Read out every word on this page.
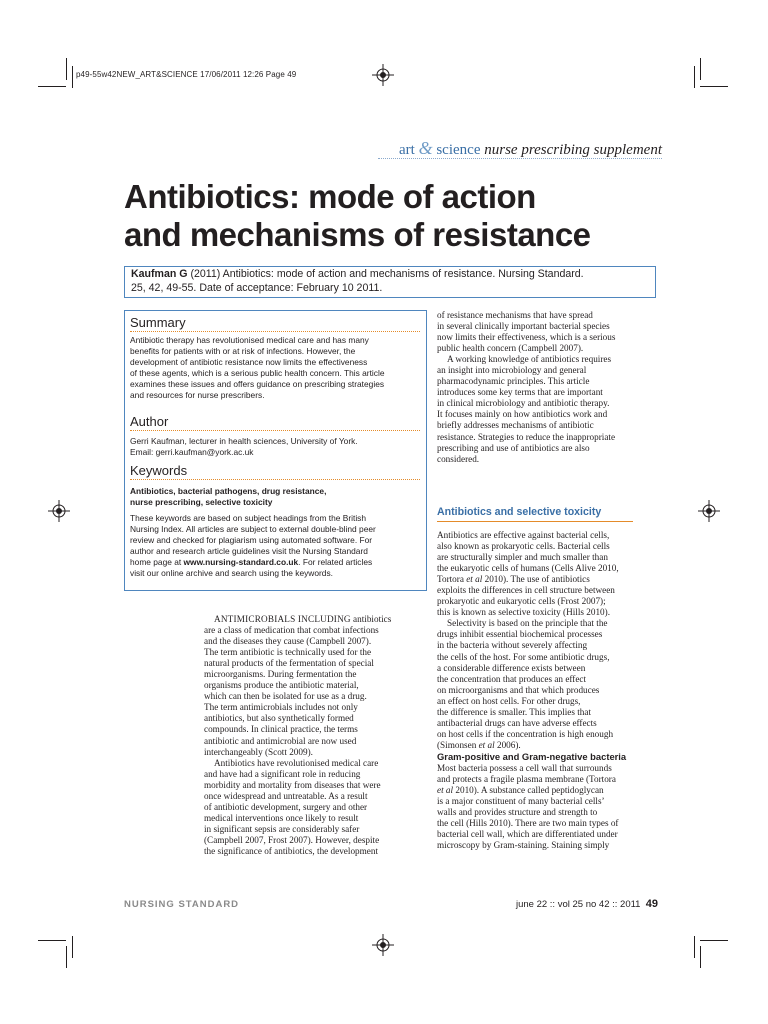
p49-55w42NEW_ART&SCIENCE 17/06/2011 12:26 Page 49
art & science nurse prescribing supplement
Antibiotics: mode of action
and mechanisms of resistance
Kaufman G (2011) Antibiotics: mode of action and mechanisms of resistance. Nursing Standard.
25, 42, 49-55. Date of acceptance: February 10 2011.
Summary
Antibiotic therapy has revolutionised medical care and has many
benefits for patients with or at risk of infections. However, the
development of antibiotic resistance now limits the effectiveness
of these agents, which is a serious public health concern. This article
examines these issues and offers guidance on prescribing strategies
and resources for nurse prescribers.
Author
Gerri Kaufman, lecturer in health sciences, University of York.
Email: gerri.kaufman@york.ac.uk
Keywords
Antibiotics, bacterial pathogens, drug resistance,
nurse prescribing, selective toxicity
These keywords are based on subject headings from the British
Nursing Index. All articles are subject to external double-blind peer
review and checked for plagiarism using automated software. For
author and research article guidelines visit the Nursing Standard
home page at www.nursing-standard.co.uk. For related articles
visit our online archive and search using the keywords.
ANTIMICROBIALS INCLUDING antibiotics
are a class of medication that combat infections
and the diseases they cause (Campbell 2007).
The term antibiotic is technically used for the
natural products of the fermentation of special
microorganisms. During fermentation the
organisms produce the antibiotic material,
which can then be isolated for use as a drug.
The term antimicrobials includes not only
antibiotics, but also synthetically formed
compounds. In clinical practice, the terms
antibiotic and antimicrobial are now used
interchangeably (Scott 2009).
Antibiotics have revolutionised medical care
and have had a significant role in reducing
morbidity and mortality from diseases that were
once widespread and untreatable. As a result
of antibiotic development, surgery and other
medical interventions once likely to result
in significant sepsis are considerably safer
(Campbell 2007, Frost 2007). However, despite
the significance of antibiotics, the development
of resistance mechanisms that have spread
in several clinically important bacterial species
now limits their effectiveness, which is a serious
public health concern (Campbell 2007).
A working knowledge of antibiotics requires
an insight into microbiology and general
pharmacodynamic principles. This article
introduces some key terms that are important
in clinical microbiology and antibiotic therapy.
It focuses mainly on how antibiotics work and
briefly addresses mechanisms of antibiotic
resistance. Strategies to reduce the inappropriate
prescribing and use of antibiotics are also
considered.
Antibiotics and selective toxicity
Antibiotics are effective against bacterial cells,
also known as prokaryotic cells. Bacterial cells
are structurally simpler and much smaller than
the eukaryotic cells of humans (Cells Alive 2010,
Tortora et al 2010). The use of antibiotics
exploits the differences in cell structure between
prokaryotic and eukaryotic cells (Frost 2007);
this is known as selective toxicity (Hills 2010).
Selectivity is based on the principle that the
drugs inhibit essential biochemical processes
in the bacteria without severely affecting
the cells of the host. For some antibiotic drugs,
a considerable difference exists between
the concentration that produces an effect
on microorganisms and that which produces
an effect on host cells. For other drugs,
the difference is smaller. This implies that
antibacterial drugs can have adverse effects
on host cells if the concentration is high enough
(Simonsen et al 2006).
Gram-positive and Gram-negative bacteria
Most bacteria possess a cell wall that surrounds
and protects a fragile plasma membrane (Tortora
et al 2010). A substance called peptidoglycan
is a major constituent of many bacterial cells’
walls and provides structure and strength to
the cell (Hills 2010). There are two main types of
bacterial cell wall, which are differentiated under
microscopy by Gram-staining. Staining simply
NURSING STANDARD	june 22 :: vol 25 no 42 :: 2011 49
